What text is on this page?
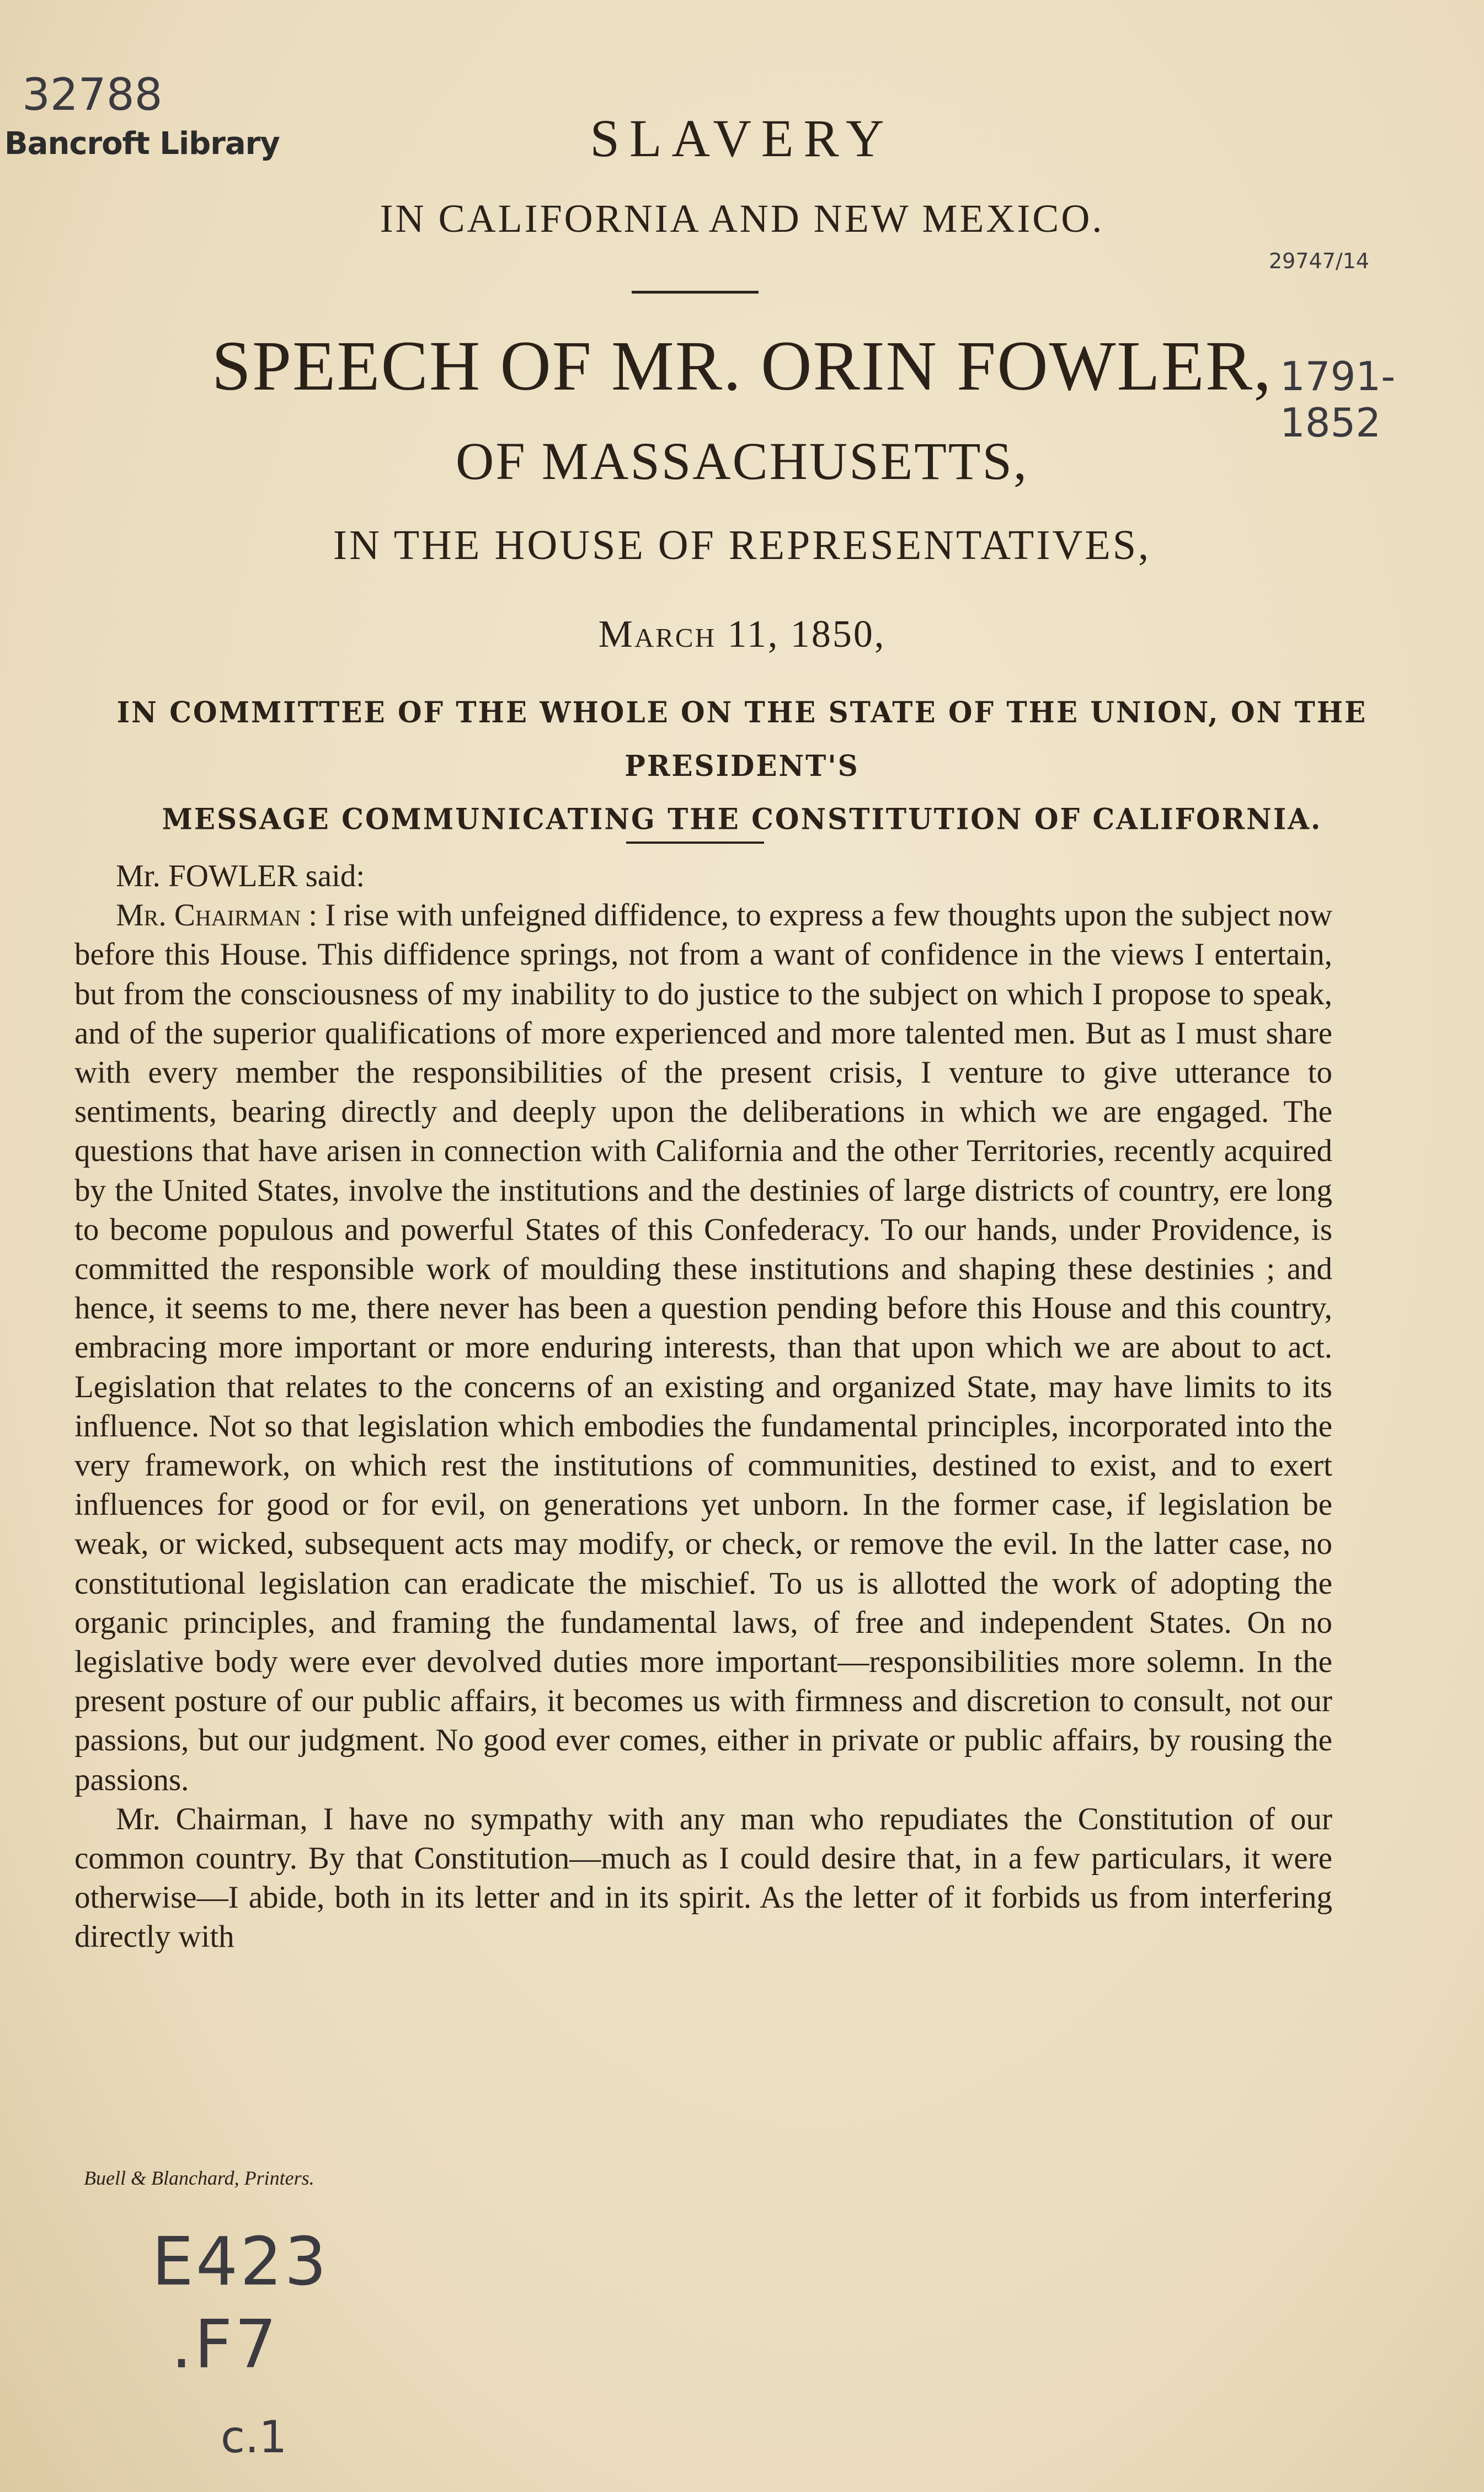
32788
Bancroft Library
29747/14
1791-1852
E423
.F7
c.1
SLAVERY
IN CALIFORNIA AND NEW MEXICO.
SPEECH OF MR. ORIN FOWLER,
OF MASSACHUSETTS,
IN THE HOUSE OF REPRESENTATIVES,
March 11, 1850,
IN COMMITTEE OF THE WHOLE ON THE STATE OF THE UNION, ON THE PRESIDENT'S
MESSAGE COMMUNICATING THE CONSTITUTION OF CALIFORNIA.

Mr. FOWLER said:

Mr. Chairman : I rise with unfeigned diffidence, to express a few thoughts upon the subject now before this House. This diffidence springs, not from a want of confidence in the views I entertain, but from the consciousness of my inability to do justice to the subject on which I propose to speak, and of the superior qualifications of more experienced and more talented men. But as I must share with every member the responsibilities of the present crisis, I venture to give utterance to sentiments, bearing directly and deeply upon the deliberations in which we are engaged. The questions that have arisen in connection with California and the other Territories, recently acquired by the United States, involve the institutions and the destinies of large districts of country, ere long to become populous and powerful States of this Confederacy. To our hands, under Providence, is committed the responsible work of moulding these institutions and shaping these destinies ; and hence, it seems to me, there never has been a question pending before this House and this country, embracing more important or more enduring interests, than that upon which we are about to act. Legislation that relates to the concerns of an existing and organized State, may have limits to its influence. Not so that legislation which embodies the fundamental principles, incorporated into the very framework, on which rest the institutions of communities, destined to exist, and to exert influences for good or for evil, on generations yet unborn. In the former case, if legislation be weak, or wicked, subsequent acts may modify, or check, or remove the evil. In the latter case, no constitutional legislation can eradicate the mischief. To us is allotted the work of adopting the organic principles, and framing the fundamental laws, of free and independent States. On no legislative body were ever devolved duties more important—responsibilities more solemn. In the present posture of our public affairs, it becomes us with firmness and discretion to consult, not our passions, but our judgment. No good ever comes, either in private or public affairs, by rousing the passions.

Mr. Chairman, I have no sympathy with any man who repudiates the Constitution of our common country. By that Constitution—much as I could desire that, in a few particulars, it were otherwise—I abide, both in its letter and in its spirit. As the letter of it forbids us from interfering directly with

Buell & Blanchard, Printers.
